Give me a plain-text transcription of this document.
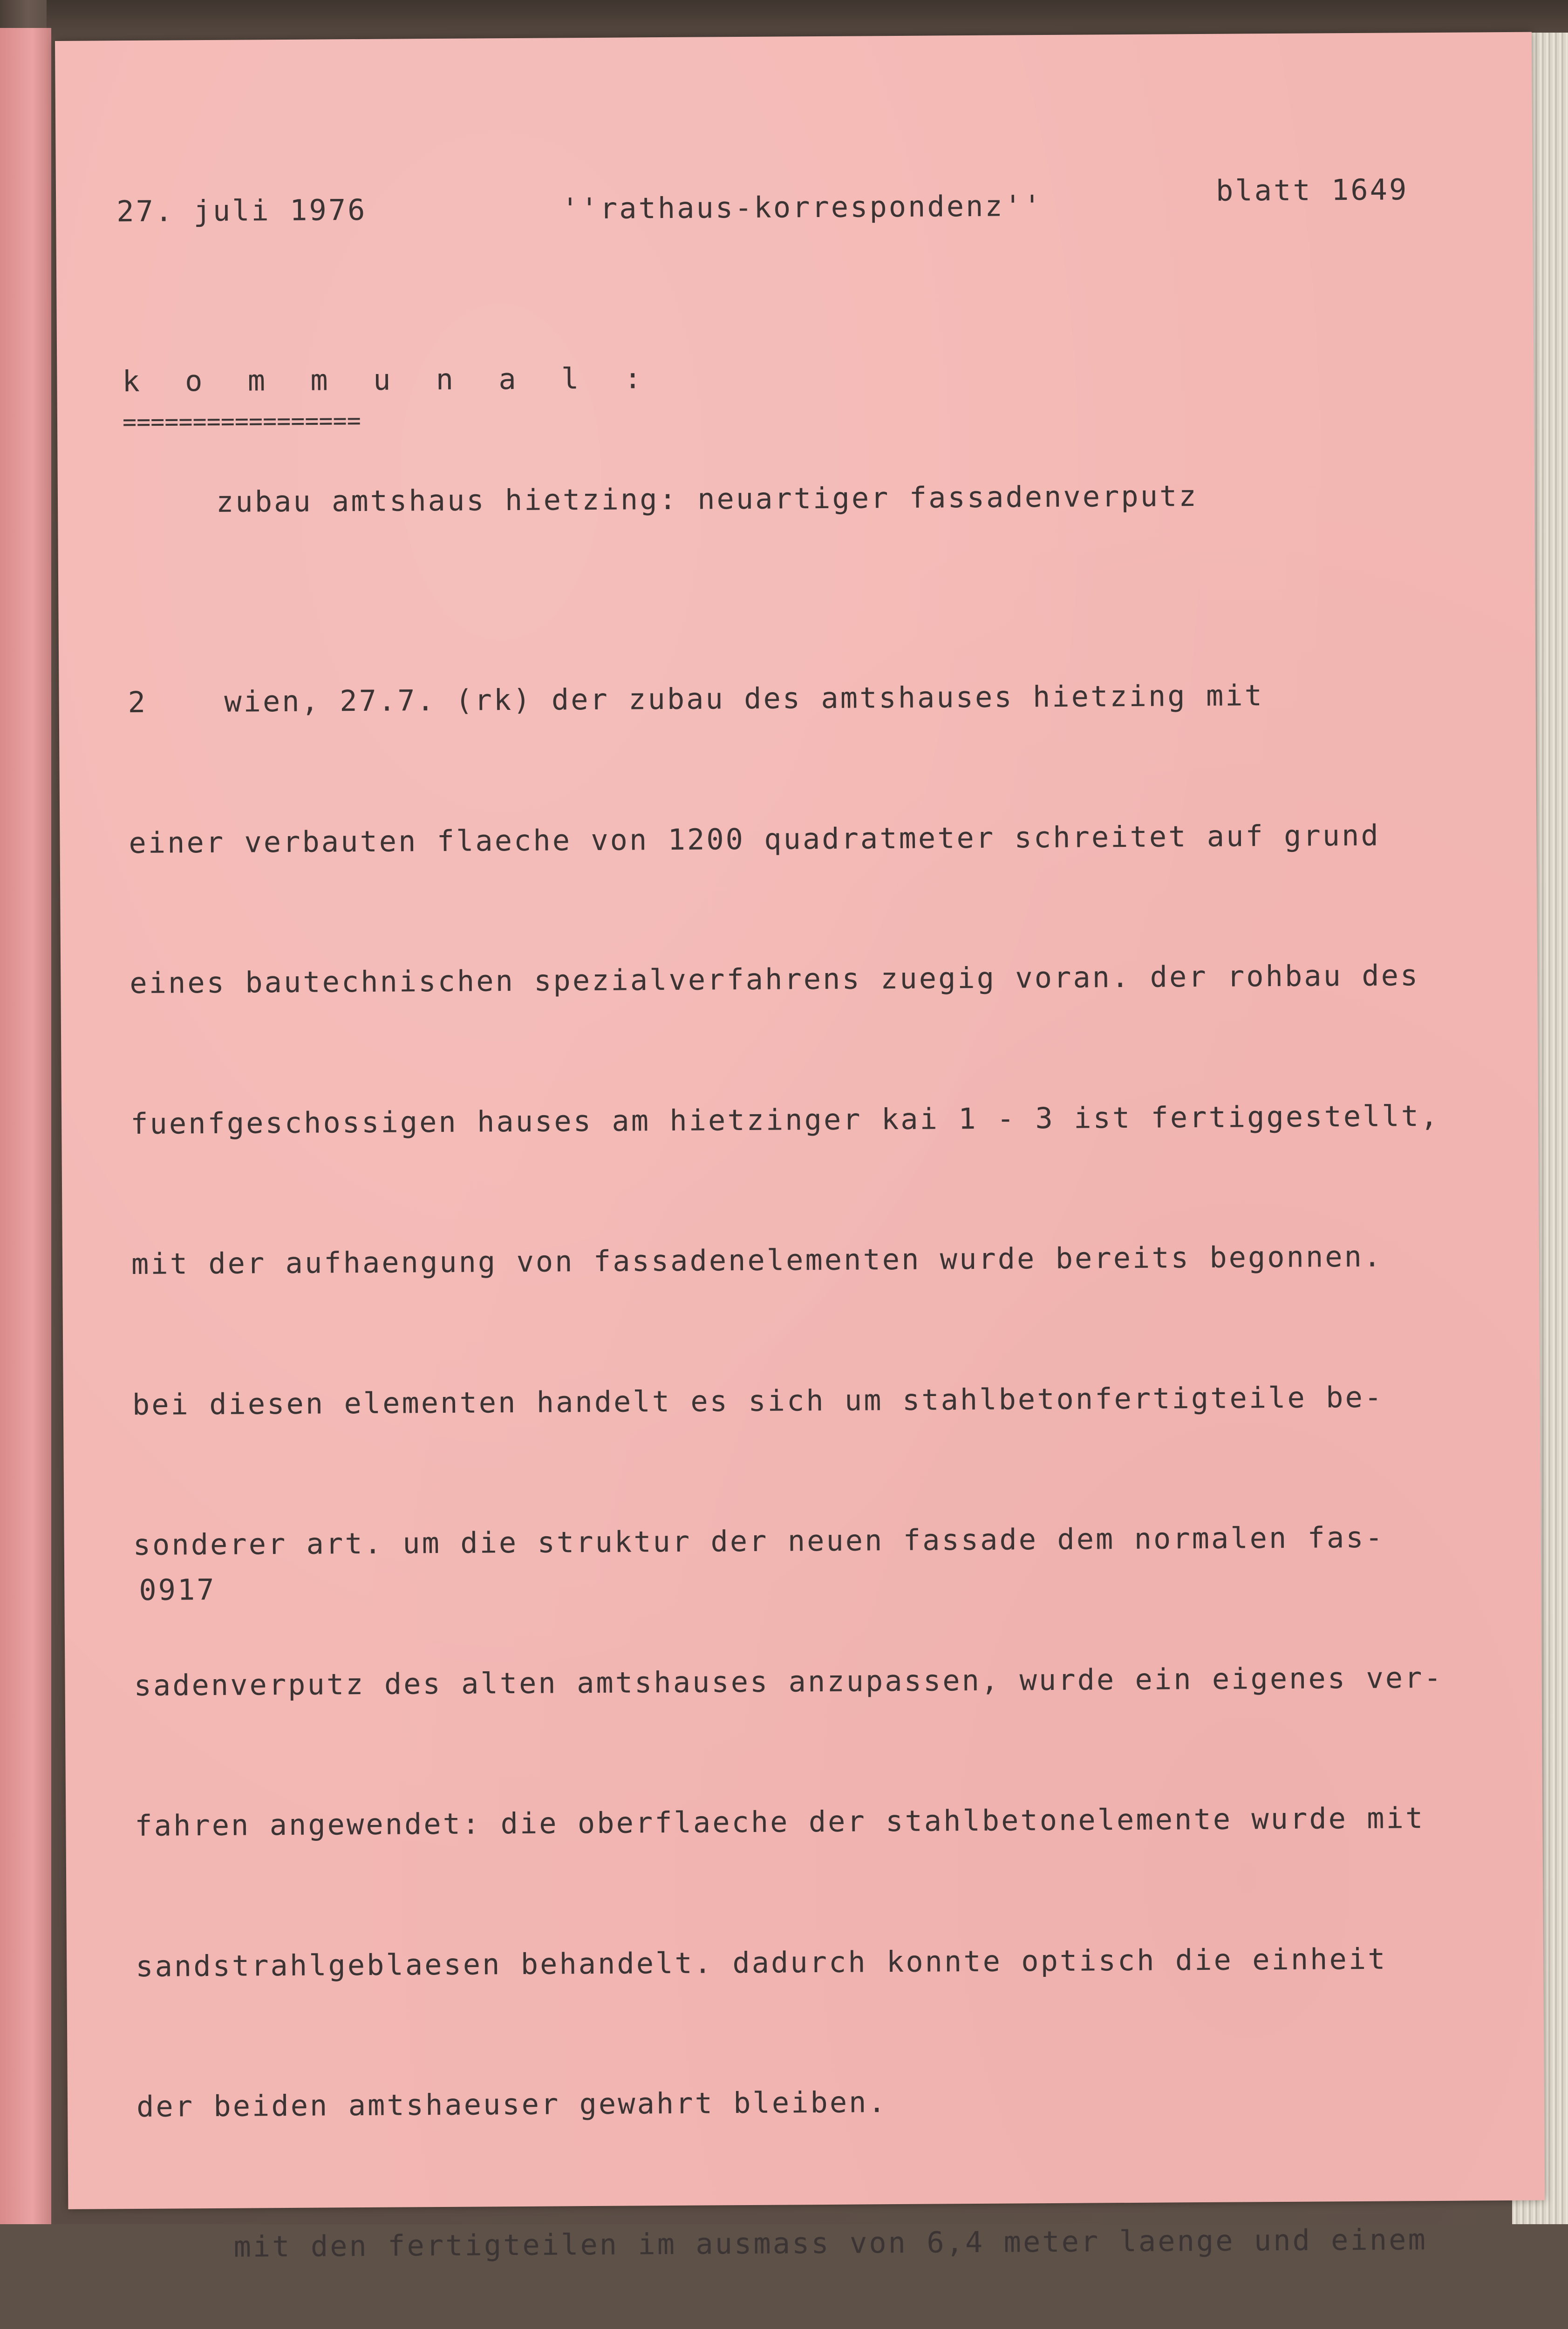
27. juli 1976	''rathaus-korrespondenz''	blatt 1649
k o m m u n a l :
=================
zubau amtshaus hietzing: neuartiger fassadenverputz

2    wien, 27.7. (rk) der zubau des amtshauses hietzing mit

einer verbauten flaeche von 1200 quadratmeter schreitet auf grund

eines bautechnischen spezialverfahrens zuegig voran. der rohbau des

fuenfgeschossigen hauses am hietzinger kai 1 - 3 ist fertiggestellt,

mit der aufhaengung von fassadenelementen wurde bereits begonnen.

bei diesen elementen handelt es sich um stahlbetonfertigteile be-

sonderer art. um die struktur der neuen fassade dem normalen fas-

sadenverputz des alten amtshauses anzupassen, wurde ein eigenes ver-

fahren angewendet: die oberflaeche der stahlbetonelemente wurde mit

sandstrahlgeblaesen behandelt. dadurch konnte optisch die einheit

der beiden amtshaeuser gewahrt bleiben.

mit den fertigteilen im ausmass von 6,4 meter laenge und einem

0917
